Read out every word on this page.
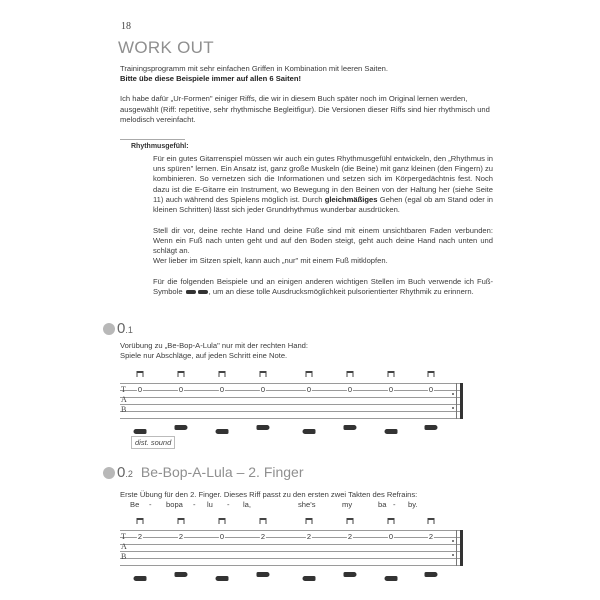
18
WORK OUT

Trainingsprogramm mit sehr einfachen Griffen in Kombination mit leeren Saiten.
Bitte übe diese Beispiele immer auf allen 6 Saiten!

Ich habe dafür „Ur-Formen" einiger Riffs, die wir in diesem Buch später noch im Original lernen werden, ausgewählt (Riff: repetitive, sehr rhythmische Begleitfigur). Die Versionen dieser Riffs sind hier rhythmisch und melodisch vereinfacht.

Rhythmusgefühl:

Für ein gutes Gitarrenspiel müssen wir auch ein gutes Rhythmusgefühl entwickeln, den „Rhythmus in uns spüren" lernen. Ein Ansatz ist, ganz große Muskeln (die Beine) mit ganz kleinen (den Fingern) zu kombinieren. So vernetzen sich die Informationen und setzen sich im Körpergedächtnis fest. Noch dazu ist die E-Gitarre ein Instrument, wo Bewegung in den Beinen von der Haltung her (siehe Seite 11) auch während des Spielens möglich ist. Durch gleichmäßiges Gehen (egal ob am Stand oder in kleinen Schritten) lässt sich jeder Grundrhythmus wunderbar ausdrücken.

Stell dir vor, deine rechte Hand und deine Füße sind mit einem unsichtbaren Faden verbunden: Wenn ein Fuß nach unten geht und auf den Boden steigt, geht auch deine Hand nach unten und schlägt an.
Wer lieber im Sitzen spielt, kann auch „nur" mit einem Fuß mitklopfen.

Für die folgenden Beispiele und an einigen anderen wichtigen Stellen im Buch verwende ich Fuß-Symbole	, um an diese tolle Ausdrucksmöglichkeit pulsorientierter Rhythmik zu erinnern.

0 .1
Vorübung zu „Be-Bop-A-Lula" nur mit der rechten Hand:
Spiele nur Abschläge, auf jeden Schritt eine Note.
T
A
B
0	0	0	0	0	0	0	0
dist. sound
0 .2 Be-Bop-A-Lula – 2. Finger
Erste Übung für den 2. Finger. Dieses Riff passt zu den ersten zwei Takten des Refrains:
Be - bopa - lu - la,	she's	my	ba - by.
T
A
B
2	2	0	2	2	2	0	2
